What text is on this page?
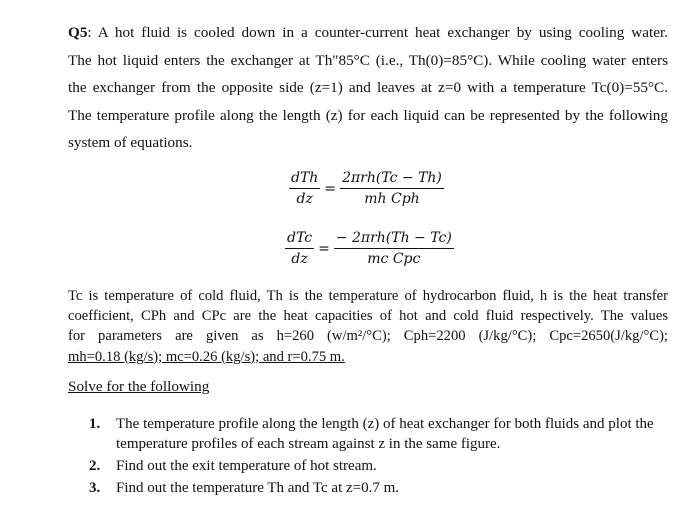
Q5: A hot fluid is cooled down in a counter-current heat exchanger by using cooling water.
The hot liquid enters the exchanger at Th"85°C (i.e., Th(0)=85°C). While cooling water enters
the exchanger from the opposite side (z=1) and leaves at z=0 with a temperature Tc(0)=55°C.
The temperature profile along the length (z) for each liquid can be represented by the following
system of equations.
$\frac{\text{dTh}}{dz} = \frac{\text{2πrh(Tc − Th)}}{\text{mh Cph}}$
$\frac{\text{dTc}}{dz} = \frac{\text{− 2πrh(Th − Tc)}}{\text{mc Cpc}}$
Tc is temperature of cold fluid, Th is the temperature of hydrocarbon fluid, h is the heat transfer
coefficient, CPh and CPc are the heat capacities of hot and cold fluid respectively. The values
for parameters are given as h=260 (w/m²/°C); Cph=2200 (J/kg/°C); Cpc=2650(J/kg/°C);
mh=0.18 (kg/s); mc=0.26 (kg/s); and r=0.75 m.
Solve for the following
1.	The temperature profile along the length (z) of heat exchanger for both fluids and plot the temperature profiles of each stream against z in the same figure.
2.	Find out the exit temperature of hot stream.
3.	Find out the temperature Th and Tc at z=0.7 m.
